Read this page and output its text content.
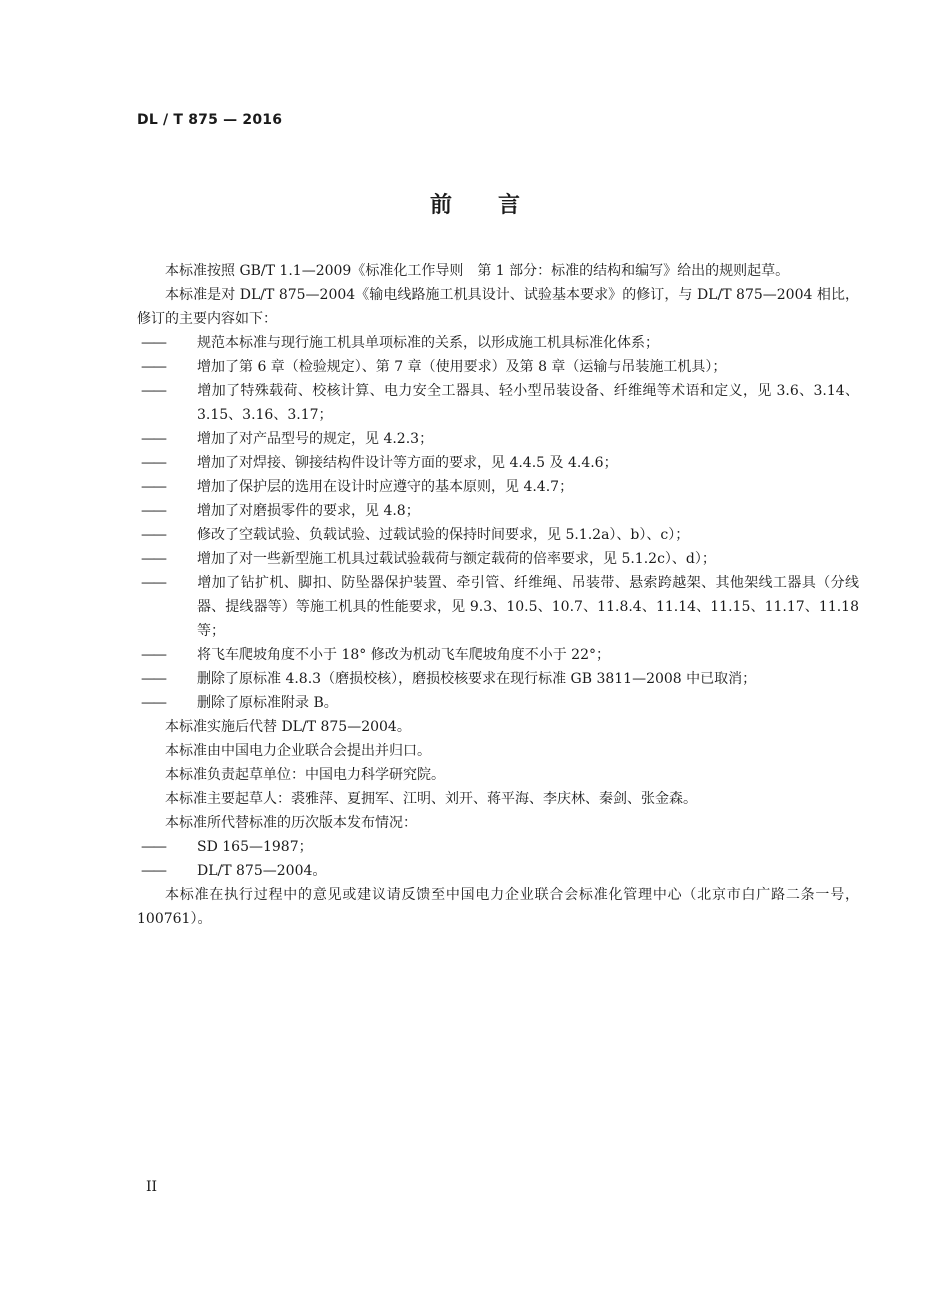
DL / T 875 — 2016
前言

本标准按照 GB/T 1.1—2009《标准化工作导则　第 1 部分：标准的结构和编写》给出的规则起草。

本标准是对 DL/T 875—2004《输电线路施工机具设计、试验基本要求》的修订，与 DL/T 875—2004 相比，修订的主要内容如下：

—— 规范本标准与现行施工机具单项标准的关系，以形成施工机具标准化体系；

—— 增加了第 6 章（检验规定）、第 7 章（使用要求）及第 8 章（运输与吊装施工机具）；

—— 增加了特殊载荷、校核计算、电力安全工器具、轻小型吊装设备、纤维绳等术语和定义，见 3.6、3.14、3.15、3.16、3.17；

—— 增加了对产品型号的规定，见 4.2.3；

—— 增加了对焊接、铆接结构件设计等方面的要求，见 4.4.5 及 4.4.6；

—— 增加了保护层的选用在设计时应遵守的基本原则，见 4.4.7；

—— 增加了对磨损零件的要求，见 4.8；

—— 修改了空载试验、负载试验、过载试验的保持时间要求，见 5.1.2a）、b）、c）；

—— 增加了对一些新型施工机具过载试验载荷与额定载荷的倍率要求，见 5.1.2c）、d）；

—— 增加了钻扩机、脚扣、防坠器保护装置、牵引管、纤维绳、吊装带、悬索跨越架、其他架线工器具（分线器、提线器等）等施工机具的性能要求，见 9.3、10.5、10.7、11.8.4、11.14、11.15、11.17、11.18 等；

—— 将飞车爬坡角度不小于 18° 修改为机动飞车爬坡角度不小于 22°；

—— 删除了原标准 4.8.3（磨损校核），磨损校核要求在现行标准 GB 3811—2008 中已取消；

—— 删除了原标准附录 B。

本标准实施后代替 DL/T 875—2004。

本标准由中国电力企业联合会提出并归口。

本标准负责起草单位：中国电力科学研究院。

本标准主要起草人：裘雅萍、夏拥军、江明、刘开、蒋平海、李庆林、秦剑、张金森。

本标准所代替标准的历次版本发布情况：

—— SD 165—1987；

—— DL/T 875—2004。

本标准在执行过程中的意见或建议请反馈至中国电力企业联合会标准化管理中心（北京市白广路二条一号，100761）。

II
